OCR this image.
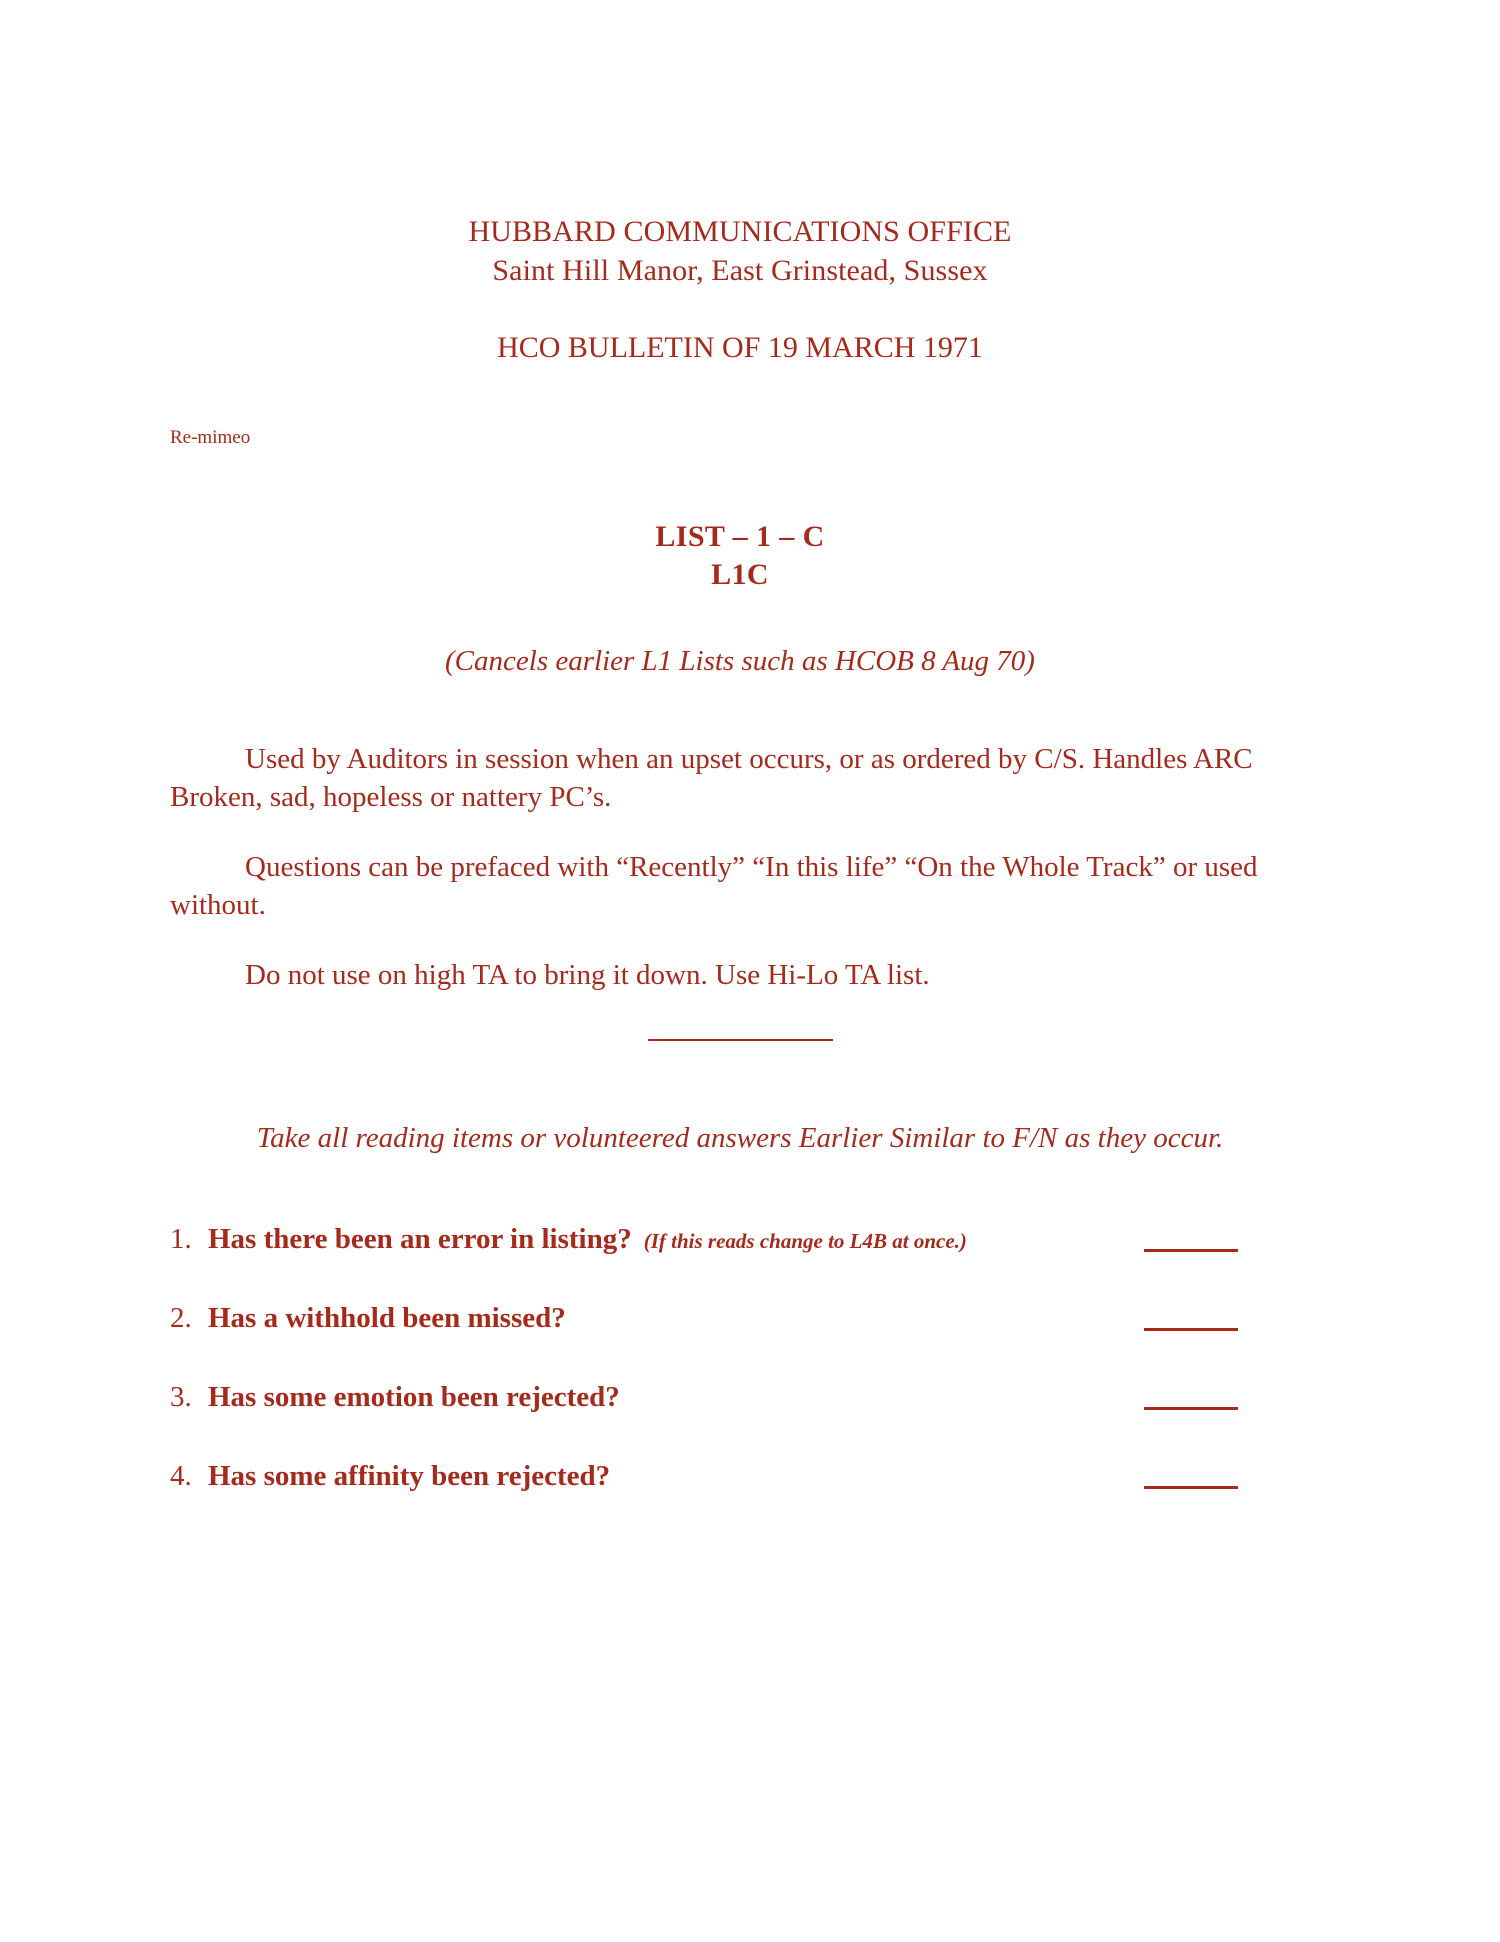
HUBBARD COMMUNICATIONS OFFICE
Saint Hill Manor, East Grinstead, Sussex
HCO BULLETIN OF 19 MARCH 1971
Re-mimeo
LIST – 1 – C
L1C
(Cancels earlier L1 Lists such as HCOB 8 Aug 70)

Used by Auditors in session when an upset occurs, or as ordered by C/S. Handles ARC Broken, sad, hopeless or nattery PC’s.

Questions can be prefaced with “Recently” “In this life” “On the Whole Track” or used without.

Do not use on high TA to bring it down. Use Hi-Lo TA list.

Take all reading items or volunteered answers Earlier Similar to F/N as they occur.
1. Has there been an error in listing? (If this reads change to L4B at once.)
2. Has a withhold been missed?
3. Has some emotion been rejected?
4. Has some affinity been rejected?
